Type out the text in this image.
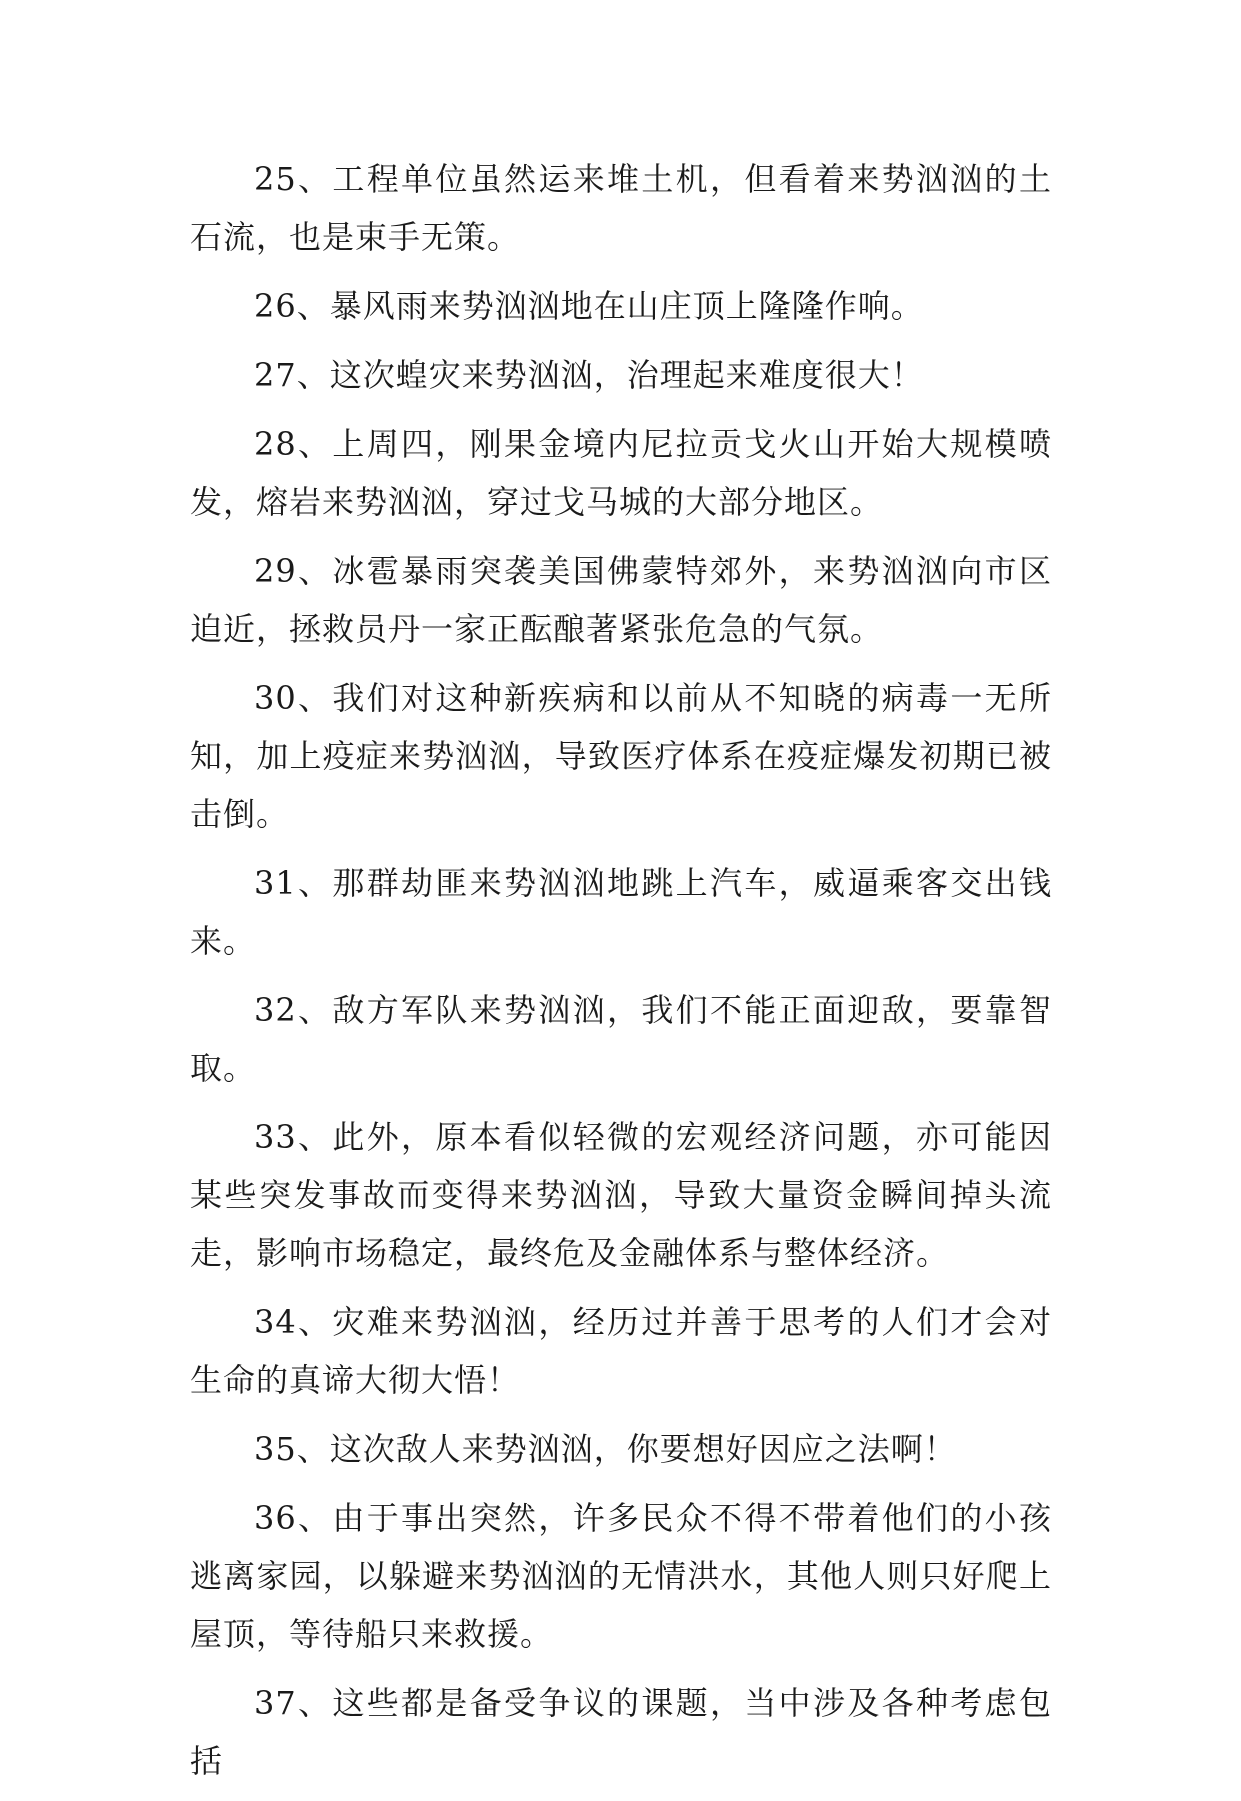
25、工程单位虽然运来堆土机，但看着来势汹汹的土石流，也是束手无策。

26、暴风雨来势汹汹地在山庄顶上隆隆作响。

27、这次蝗灾来势汹汹，治理起来难度很大！

28、上周四，刚果金境内尼拉贡戈火山开始大规模喷发，熔岩来势汹汹，穿过戈马城的大部分地区。

29、冰雹暴雨突袭美国佛蒙特郊外，来势汹汹向市区迫近，拯救员丹一家正酝酿著紧张危急的气氛。

30、我们对这种新疾病和以前从不知晓的病毒一无所知，加上疫症来势汹汹，导致医疗体系在疫症爆发初期已被击倒。

31、那群劫匪来势汹汹地跳上汽车，威逼乘客交出钱来。

32、敌方军队来势汹汹，我们不能正面迎敌，要靠智取。

33、此外，原本看似轻微的宏观经济问题，亦可能因某些突发事故而变得来势汹汹，导致大量资金瞬间掉头流走，影响市场稳定，最终危及金融体系与整体经济。

34、灾难来势汹汹，经历过并善于思考的人们才会对生命的真谛大彻大悟！

35、这次敌人来势汹汹，你要想好因应之法啊！

36、由于事出突然，许多民众不得不带着他们的小孩逃离家园，以躲避来势汹汹的无情洪水，其他人则只好爬上屋顶，等待船只来救援。

37、这些都是备受争议的课题，当中涉及各种考虑包括
